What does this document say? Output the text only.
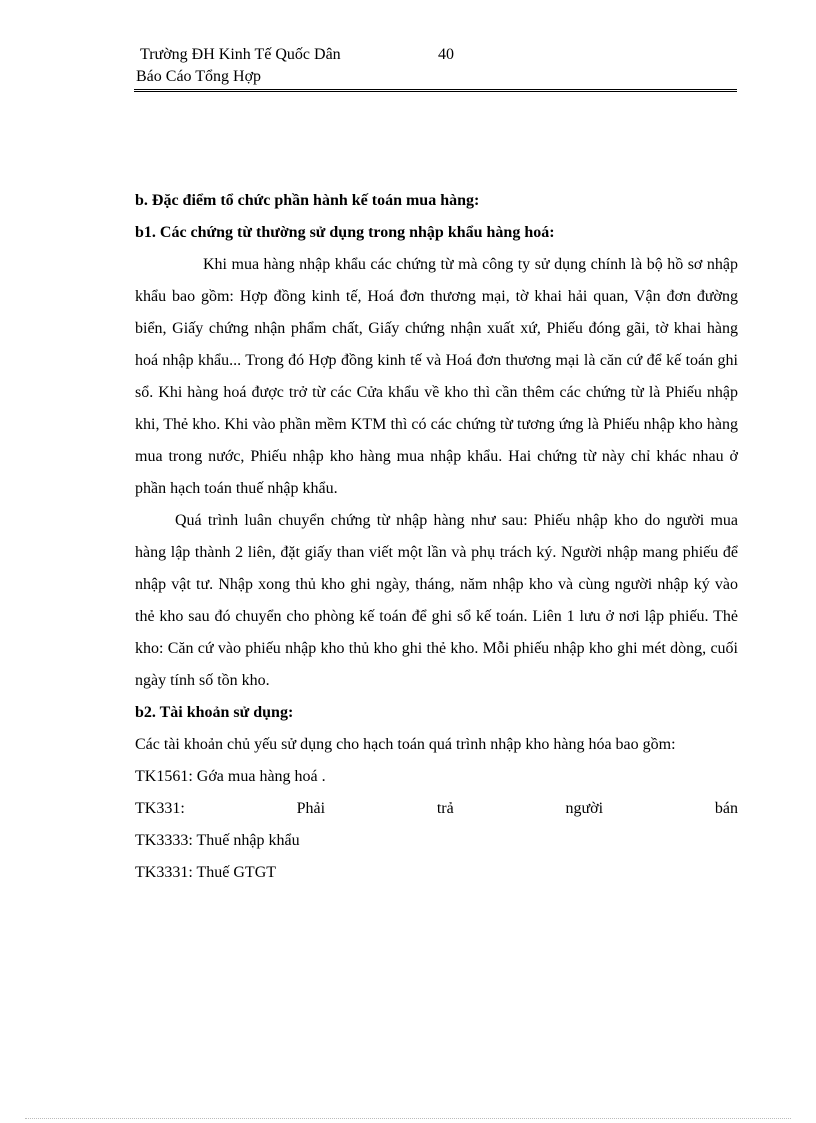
Trường ĐH Kinh Tế Quốc Dân	40
Báo Cáo Tổng Hợp

b. Đặc điểm tổ chức phần hành kế toán mua hàng:

b1. Các chứng từ thường sử dụng trong nhập khẩu hàng hoá:

Khi mua hàng nhập khẩu các chứng từ mà công ty sử dụng chính là bộ hồ sơ nhập khẩu bao gồm: Hợp đồng kinh tế, Hoá đơn thương mại, tờ khai hải quan, Vận đơn đường biển, Giấy chứng nhận phẩm chất, Giấy chứng nhận xuất xứ, Phiếu đóng gãi, tờ khai hàng hoá nhập khẩu... Trong đó Hợp đồng kinh tế và Hoá đơn thương mại là căn cứ để kế toán ghi sổ. Khi hàng hoá được trở từ các Cửa khẩu về kho thì cần thêm các chứng từ là Phiếu nhập khi, Thẻ kho. Khi vào phần mềm KTM thì có các chứng từ tương ứng là Phiếu nhập kho hàng mua trong nước, Phiếu nhập kho hàng mua nhập khẩu. Hai chứng từ này chỉ khác nhau ở phần hạch toán thuế nhập khẩu.

Quá trình luân chuyển chứng từ nhập hàng như sau: Phiếu nhập kho do người mua hàng lập thành 2 liên, đặt giấy than viết một lần và phụ trách ký. Người nhập mang phiếu để nhập vật tư. Nhập xong thủ kho ghi ngày, tháng, năm nhập kho và cùng người nhập ký vào thẻ kho sau đó chuyển cho phòng kế toán để ghi sổ kế toán. Liên 1 lưu ở nơi lập phiếu. Thẻ kho: Căn cứ vào phiếu nhập kho thủ kho ghi thẻ kho. Mỗi phiếu nhập kho ghi mét dòng, cuối ngày tính số tồn kho.

b2. Tài khoản sử dụng:

Các tài khoản chủ yếu sử dụng cho hạch toán quá trình nhập kho hàng hóa bao gồm:

TK1561: Gớa mua hàng hoá .

TK331: Phải trả người bán

TK3333: Thuế nhập khẩu

TK3331: Thuế GTGT
